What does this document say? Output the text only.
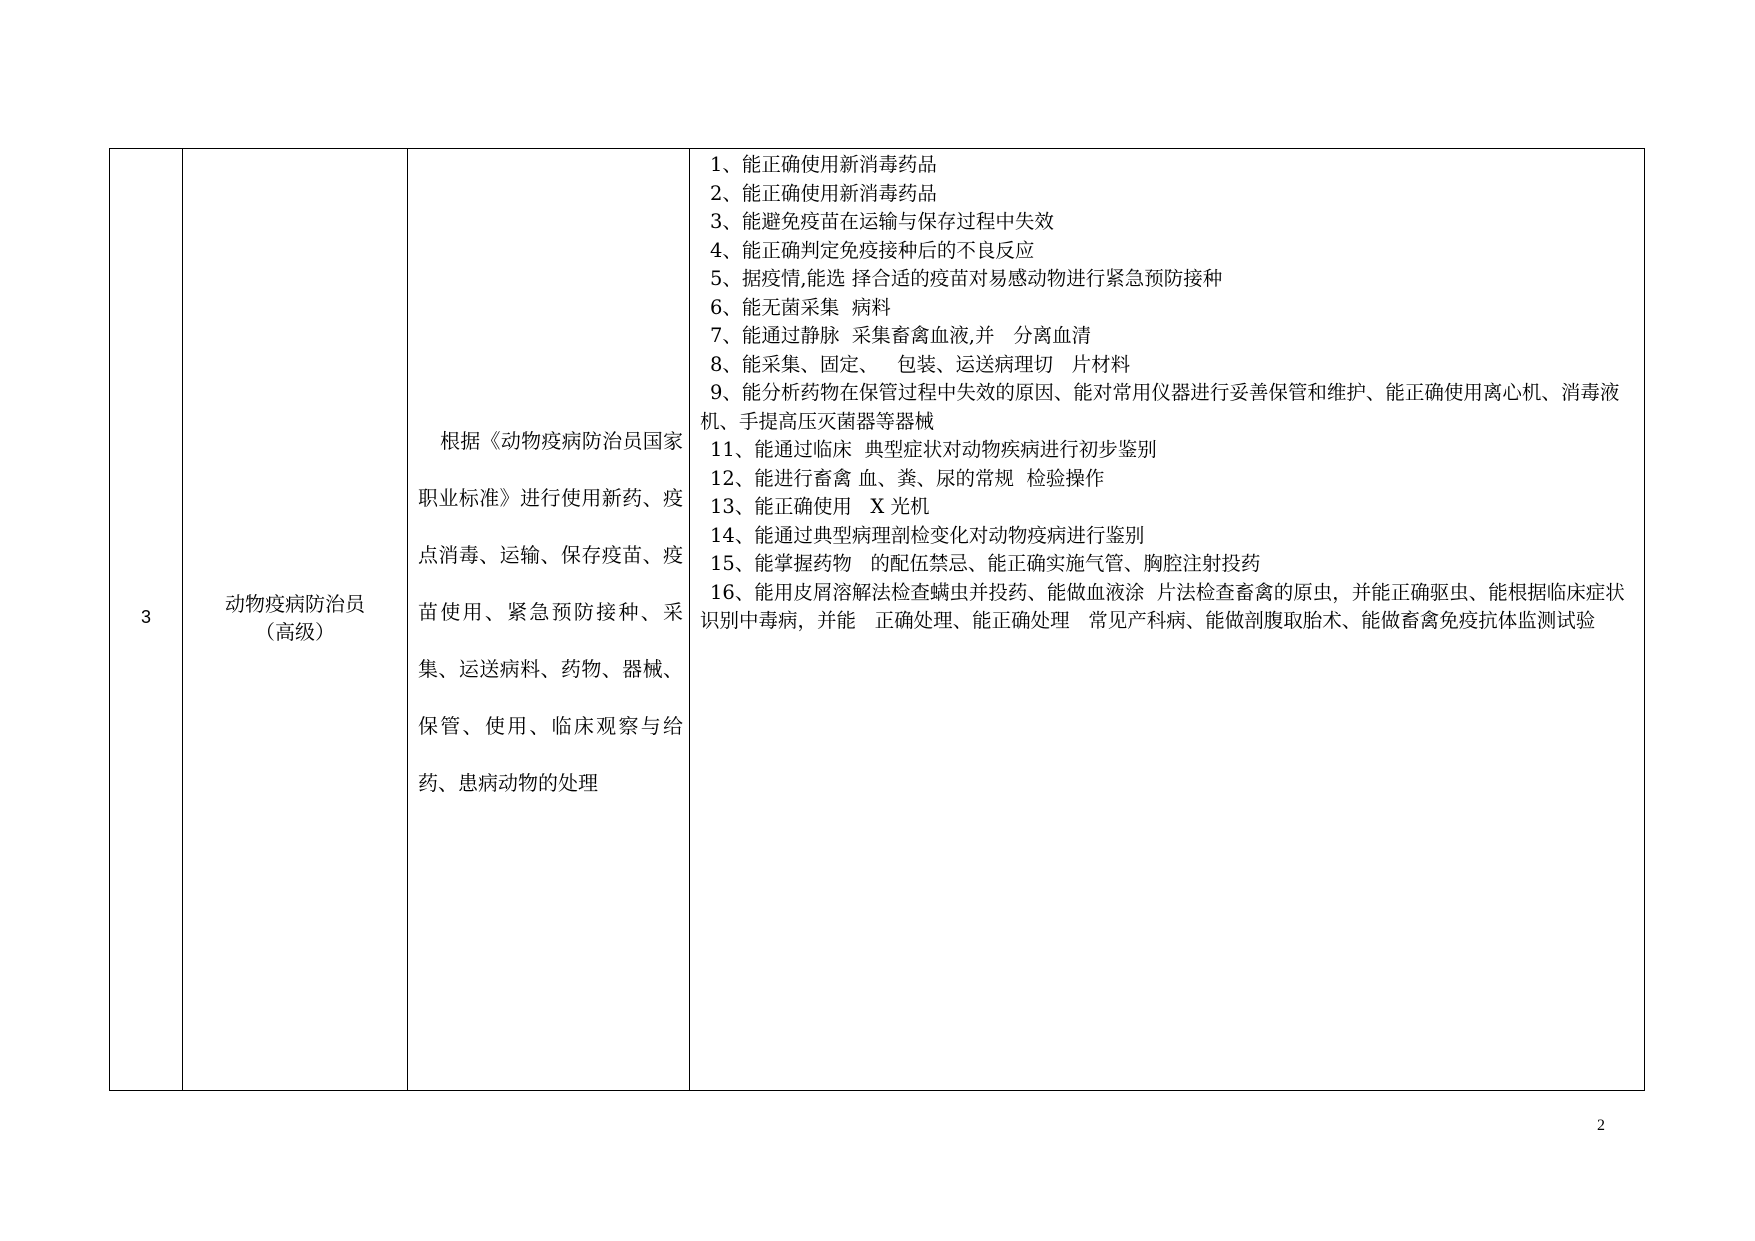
3
动物疫病防治员
（高级）
根据《动物疫病防治员国家职业标准》进行使用新药、疫点消毒、运输、保存疫苗、疫苗使用、紧急预防接种、采集、运送病料、药物、器械、保管、使用、临床观察与给药、患病动物的处理
1、能正确使用新消毒药品
2、能正确使用新消毒药品
3、能避免疫苗在运输与保存过程中失效
4、能正确判定免疫接种后的不良反应
5、据疫情,能选 择合适的疫苗对易感动物进行紧急预防接种
6、能无菌采集  病料
7、能通过静脉  采集畜禽血液,并   分离血清
8、能采集、固定、   包装、运送病理切   片材料
9、能分析药物在保管过程中失效的原因、能对常用仪器进行妥善保管和维护、能正确使用离心机、消毒液机、手提高压灭菌器等器械
11、能通过临床  典型症状对动物疾病进行初步鉴别
12、能进行畜禽 血、粪、尿的常规  检验操作
13、能正确使用   X 光机
14、能通过典型病理剖检变化对动物疫病进行鉴别
15、能掌握药物   的配伍禁忌、能正确实施气管、胸腔注射投药
16、能用皮屑溶解法检查螨虫并投药、能做血液涂  片法检查畜禽的原虫，并能正确驱虫、能根据临床症状  识别中毒病，并能   正确处理、能正确处理   常见产科病、能做剖腹取胎术、能做畜禽免疫抗体监测试验
2
